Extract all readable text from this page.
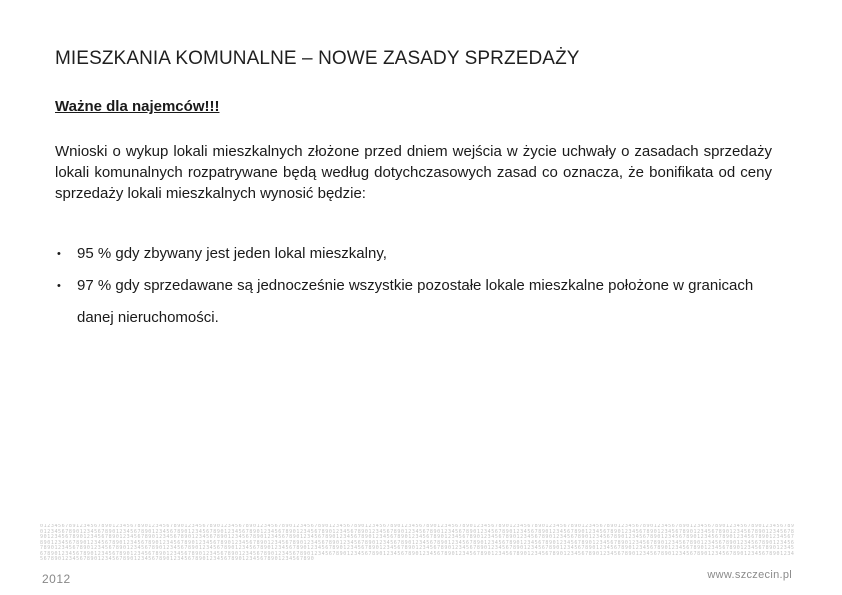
MIESZKANIA KOMUNALNE – NOWE ZASADY SPRZEDAŻY
Ważne dla najemców!!!
Wnioski o wykup lokali mieszkalnych złożone przed dniem wejścia w życie uchwały o zasadach sprzedaży lokali komunalnych rozpatrywane będą według dotychczasowych zasad co oznacza, że bonifikata od ceny sprzedaży lokali mieszkalnych wynosić będzie:
• 95 % gdy zbywany jest jeden lokal mieszkalny,
• 97 % gdy sprzedawane są jednocześnie wszystkie pozostałe lokale mieszkalne położone w granicach danej nieruchomości.
0123456789123456789012345678901234567890123456789012345678901234567890123456789012345678901234567890123456789012345678901234567890123456789012345678901234567890123456789012345678901234567890123456789012345678901234567890123456789012345678901234567890123456789012345678901234567890123456789012345678901234567890123456789012345678901234567890123456789012345678901234567890123456789012345678901234567890123456789012345678901234567890123456789012345678901234567890123456789012345678901234567890123456789012345678901234567890123456789012345678901234567890123456789012345678901234567890123456789012345678901234567890123456789012345678901234567890123456789012345678901234567890123456789012345678901234567890123456789012345678901234567890123456789012345678901234567890123456789012345678901234567890123456789012345678901234567890123456789012345678901234567890123456789012345678901234567890123456789012345678901234567890123456789012345678901234567890123456789012345678901234567890123456789012345678901234567890123456789012345678901234567890123456789012345678901234567890123456789012345678901234567890123456789012345678901234567890123456789012345678901234567890123456789012345678901234567890123456789012345678901234567890123456789012345678901234567890123456789012345678901234567890123456789012345678901234567890123456789012345678901234567890
2012	www.szczecin.pl
